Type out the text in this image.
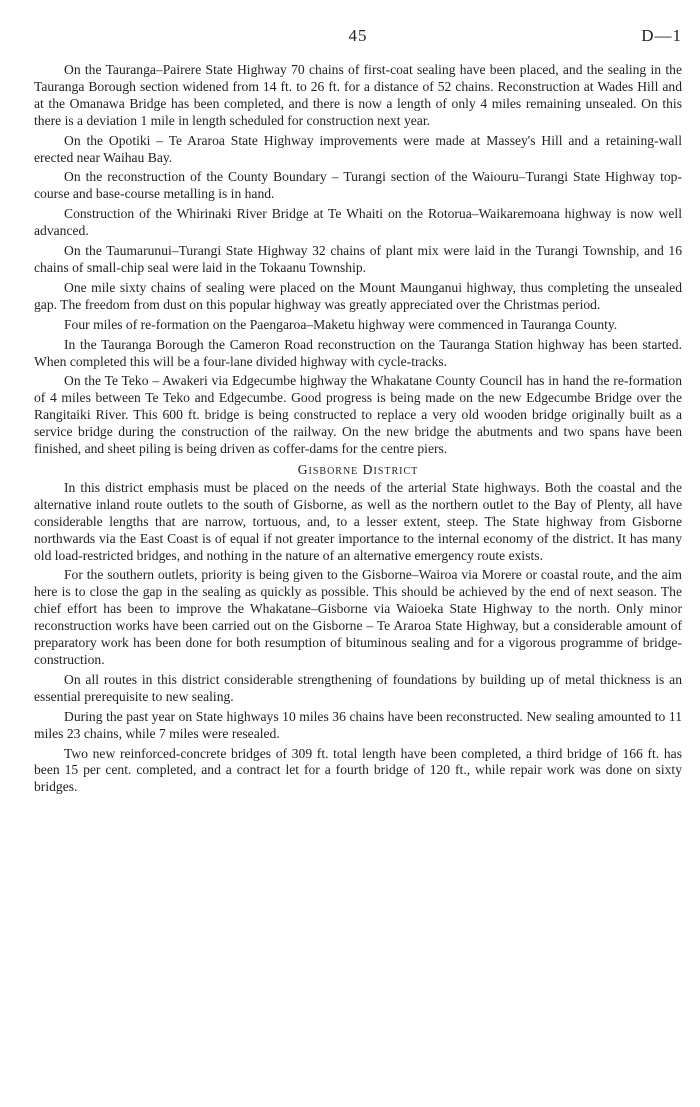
45	D—1

On the Tauranga–Pairere State Highway 70 chains of first-coat sealing have been placed, and the sealing in the Tauranga Borough section widened from 14 ft. to 26 ft. for a distance of 52 chains. Reconstruction at Wades Hill and at the Omanawa Bridge has been completed, and there is now a length of only 4 miles remaining unsealed. On this there is a deviation 1 mile in length scheduled for construction next year.

On the Opotiki – Te Araroa State Highway improvements were made at Massey's Hill and a retaining-wall erected near Waihau Bay.

On the reconstruction of the County Boundary – Turangi section of the Waiouru–Turangi State Highway top-course and base-course metalling is in hand.

Construction of the Whirinaki River Bridge at Te Whaiti on the Rotorua–Waikaremoana highway is now well advanced.

On the Taumarunui–Turangi State Highway 32 chains of plant mix were laid in the Turangi Township, and 16 chains of small-chip seal were laid in the Tokaanu Township.

One mile sixty chains of sealing were placed on the Mount Maunganui highway, thus completing the unsealed gap. The freedom from dust on this popular highway was greatly appreciated over the Christmas period.

Four miles of re-formation on the Paengaroa–Maketu highway were commenced in Tauranga County.

In the Tauranga Borough the Cameron Road reconstruction on the Tauranga Station highway has been started. When completed this will be a four-lane divided highway with cycle-tracks.

On the Te Teko – Awakeri via Edgecumbe highway the Whakatane County Council has in hand the re-formation of 4 miles between Te Teko and Edgecumbe. Good progress is being made on the new Edgecumbe Bridge over the Rangitaiki River. This 600 ft. bridge is being constructed to replace a very old wooden bridge originally built as a service bridge during the construction of the railway. On the new bridge the abutments and two spans have been finished, and sheet piling is being driven as coffer-dams for the centre piers.

Gisborne District

In this district emphasis must be placed on the needs of the arterial State highways. Both the coastal and the alternative inland route outlets to the south of Gisborne, as well as the northern outlet to the Bay of Plenty, all have considerable lengths that are narrow, tortuous, and, to a lesser extent, steep. The State highway from Gisborne northwards via the East Coast is of equal if not greater importance to the internal economy of the district. It has many old load-restricted bridges, and nothing in the nature of an alternative emergency route exists.

For the southern outlets, priority is being given to the Gisborne–Wairoa via Morere or coastal route, and the aim here is to close the gap in the sealing as quickly as possible. This should be achieved by the end of next season. The chief effort has been to improve the Whakatane–Gisborne via Waioeka State Highway to the north. Only minor reconstruction works have been carried out on the Gisborne – Te Araroa State Highway, but a considerable amount of preparatory work has been done for both resumption of bituminous sealing and for a vigorous programme of bridge-construction.

On all routes in this district considerable strengthening of foundations by building up of metal thickness is an essential prerequisite to new sealing.

During the past year on State highways 10 miles 36 chains have been reconstructed. New sealing amounted to 11 miles 23 chains, while 7 miles were resealed.

Two new reinforced-concrete bridges of 309 ft. total length have been completed, a third bridge of 166 ft. has been 15 per cent. completed, and a contract let for a fourth bridge of 120 ft., while repair work was done on sixty bridges.
